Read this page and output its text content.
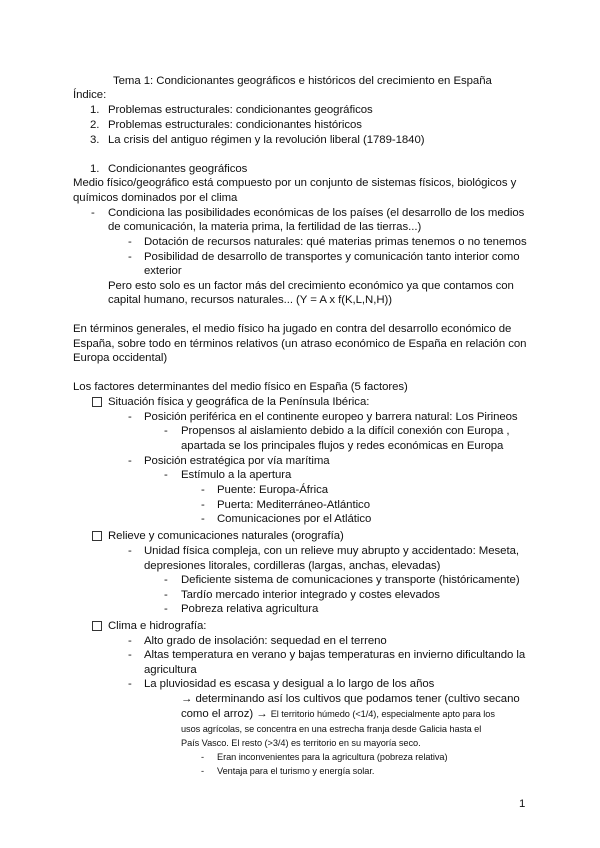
Tema 1: Condicionantes geográficos e históricos del crecimiento en España
Índice:
1. Problemas estructurales: condicionantes geográficos
2. Problemas estructurales: condicionantes históricos
3. La crisis del antiguo régimen y la revolución liberal (1789-1840)
1. Condicionantes geográficos
Medio físico/geográfico está compuesto por un conjunto de sistemas físicos, biológicos y
químicos dominados por el clima
- Condiciona las posibilidades económicas de los países (el desarrollo de los medios
de comunicación, la materia prima, la fertilidad de las tierras...)
- Dotación de recursos naturales: qué materias primas tenemos o no tenemos
- Posibilidad de desarrollo de transportes y comunicación tanto interior como
exterior
Pero esto solo es un factor más del crecimiento económico ya que contamos con
capital humano, recursos naturales... (Y = A x f(K,L,N,H))
En términos generales, el medio físico ha jugado en contra del desarrollo económico de
España, sobre todo en términos relativos (un atraso económico de España en relación con
Europa occidental)
Los factores determinantes del medio físico en España (5 factores)
Situación física y geográfica de la Península Ibérica:
- Posición periférica en el continente europeo y barrera natural: Los Pirineos
- Propensos al aislamiento debido a la difícil conexión con Europa ,
apartada se los principales flujos y redes económicas en Europa
- Posición estratégica por vía marítima
- Estímulo a la apertura
- Puente: Europa-África
- Puerta: Mediterráneo-Atlántico
- Comunicaciones por el Atlático
Relieve y comunicaciones naturales (orografía)
- Unidad física compleja, con un relieve muy abrupto y accidentado: Meseta,
depresiones litorales, cordilleras (largas, anchas, elevadas)
- Deficiente sistema de comunicaciones y transporte (históricamente)
- Tardío mercado interior integrado y costes elevados
- Pobreza relativa agricultura
Clima e hidrografía:
- Alto grado de insolación: sequedad en el terreno
- Altas temperatura en verano y bajas temperaturas en invierno dificultando la
agricultura
- La pluviosidad es escasa y desigual a lo largo de los años
→ determinando así los cultivos que podamos tener (cultivo secano
como el arroz) → El territorio húmedo (<1/4), especialmente apto para los
usos agrícolas, se concentra en una estrecha franja desde Galicia hasta el
País Vasco. El resto (>3/4) es territorio en su mayoría seco.
- Eran inconvenientes para la agricultura (pobreza relativa)
- Ventaja para el turismo y energía solar.
1
